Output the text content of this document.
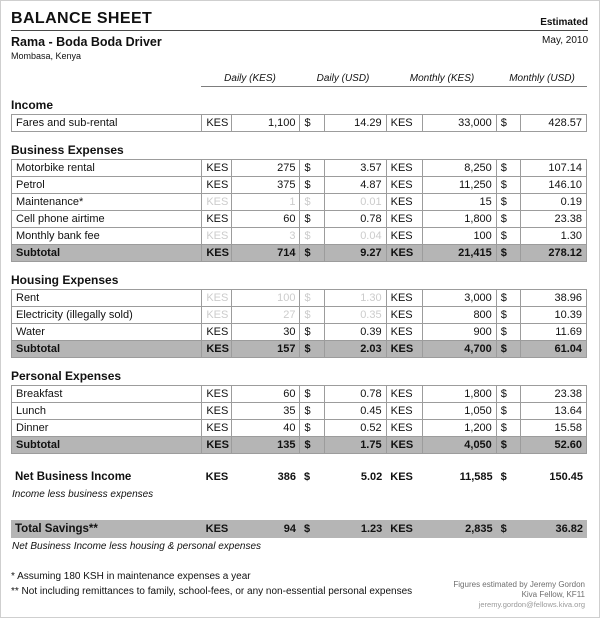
BALANCE SHEET	Estimated
Rama - Boda Boda Driver	May, 2010
Mombasa, Kenya
	Daily (KES)	Daily (USD)	Monthly (KES)	Monthly (USD)
Income
Fares and sub-rental	KES	1,100	$	14.29	KES	33,000	$	428.57
Business Expenses
Motorbike rental	KES	275	$	3.57	KES	8,250	$	107.14
Petrol	KES	375	$	4.87	KES	11,250	$	146.10
Maintenance*	KES	1	$	0.01	KES	15	$	0.19
Cell phone airtime	KES	60	$	0.78	KES	1,800	$	23.38
Monthly bank fee	KES	3	$	0.04	KES	100	$	1.30
Subtotal	KES	714	$	9.27	KES	21,415	$	278.12
Housing Expenses
Rent	KES	100	$	1.30	KES	3,000	$	38.96
Electricity (illegally sold)	KES	27	$	0.35	KES	800	$	10.39
Water	KES	30	$	0.39	KES	900	$	11.69
Subtotal	KES	157	$	2.03	KES	4,700	$	61.04
Personal Expenses
Breakfast	KES	60	$	0.78	KES	1,800	$	23.38
Lunch	KES	35	$	0.45	KES	1,050	$	13.64
Dinner	KES	40	$	0.52	KES	1,200	$	15.58
Subtotal	KES	135	$	1.75	KES	4,050	$	52.60
Net Business Income	KES	386	$	5.02	KES	11,585	$	150.45
Income less business expenses
Total Savings**	KES	94	$	1.23	KES	2,835	$	36.82
Net Business Income less housing & personal expenses
* Assuming 180 KSH in maintenance expenses a year
** Not including remittances to family, school-fees, or any non-essential personal expenses
Figures estimated by Jeremy Gordon
Kiva Fellow, KF11
jeremy.gordon@fellows.kiva.org
